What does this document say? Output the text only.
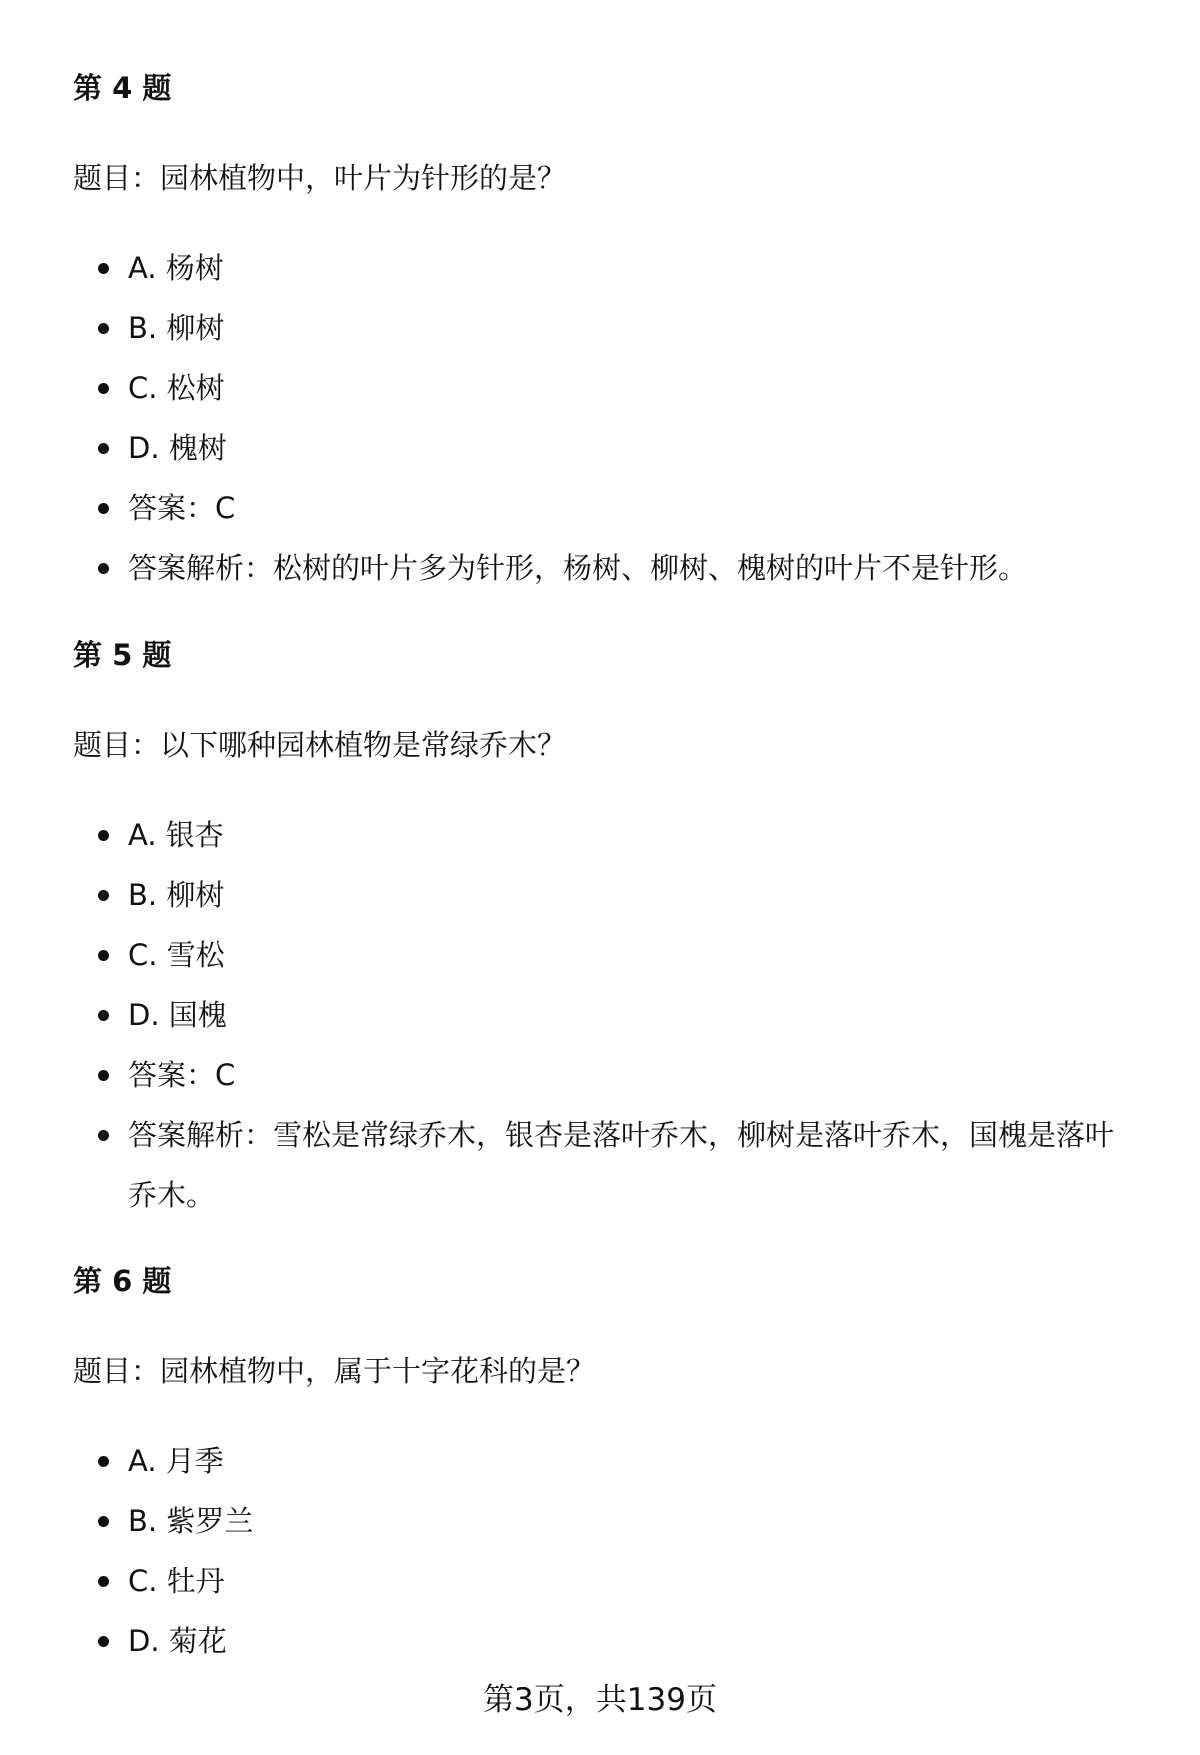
第 4 题

题目：园林植物中，叶片为针形的是？

A. 杨树
B. 柳树
C. 松树
D. 槐树
答案：C
答案解析：松树的叶片多为针形，杨树、柳树、槐树的叶片不是针形。
第 5 题

题目：以下哪种园林植物是常绿乔木？

A. 银杏
B. 柳树
C. 雪松
D. 国槐
答案：C
答案解析：雪松是常绿乔木，银杏是落叶乔木，柳树是落叶乔木，国槐是落叶乔木。
第 6 题

题目：园林植物中，属于十字花科的是？

A. 月季
B. 紫罗兰
C. 牡丹
D. 菊花
第3页，共139页
